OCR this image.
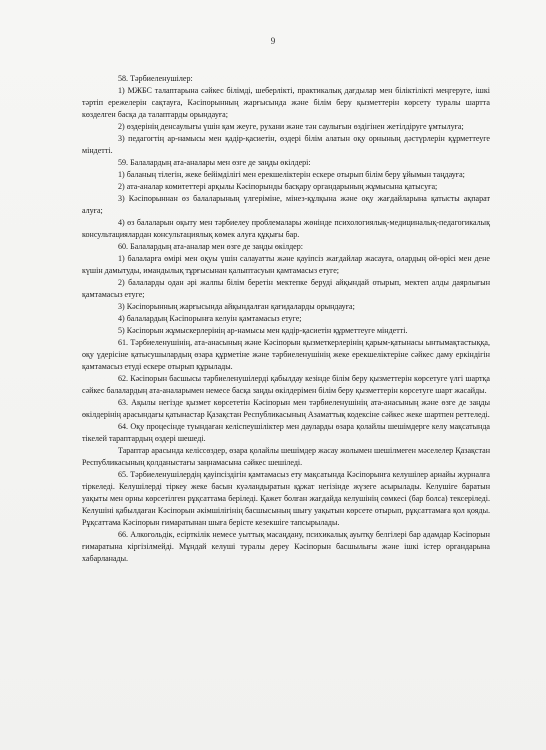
9

58. Тәрбиеленушілер:

1) МЖБС талаптарына сәйкес білімді, шеберлікті, практикалық дағдылар мен біліктілікті меңгеруге, ішкі тәртіп ережелерін сақтауға, Кәсіпорынның жарғысында және білім беру қызметтерін көрсету туралы шартта көзделген басқа да талаптарды орындауға;

2) өздерінің денсаулығы үшін қам жеуге, рухани және тән саулығын өздігінен жетілдіруге ұмтылуға;

3) педагогтің ар-намысы мен қадір-қасиетін, өздері білім алатын оқу орнының дәстүрлерін құрметтеуге міндетті.

59. Балалардың ата-аналары мен өзге де заңды өкілдері:

1) баланың тілегін, жеке бейімділігі мен ерекшеліктерін ескере отырып білім беру ұйымын таңдауға;

2) ата-аналар комитеттері арқылы Кәсіпорынды басқару органдарының жұмысына қатысуға;

3) Кәсіпорыннан өз балаларының үлгерiмiне, мiнез-құлқына және оқу жағдайларына қатысты ақпарат алуға;

4) өз балаларын оқыту мен тәрбиелеу проблемалары жөнінде психологиялық-медициналық-педагогикалық консультациялардан консультациялық көмек алуға құқығы бар.

60. Балалардың ата-аналар мен өзге де заңды өкілдер:

1) балаларға өмiрi мен оқуы үшін салауатты және қауiпсiз жағдайлар жасауға, олардың ой-өрiсi мен дене күшiн дамытуды, имандылық тұрғысынан қалыптасуын қамтамасыз етуге;

2) балаларды одан әрі жалпы білім беретін мектепке беруді айқындай отырып, мектеп алды даярлығын қамтамасыз етуге;

3) Кәсіпорынның жарғысында айқындалған қағидаларды орындауға;

4) балалардың Кәсіпорынға келуін қамтамасыз етуге;

5) Кәсіпорын жұмыскерлерінің ар-намысы мен қадір-қасиетін құрметтеуге міндетті.

61. Тәрбиеленушінің, ата-анасының және Кәсіпорын қызметкерлерінің қарым-қатынасы ынтымақтастыққа, оқу үдерісіне қатысушылардың өзара құрметіне және тәрбиеленушінің жеке ерекшеліктеріне сәйкес даму еркіндігін қамтамасыз етуді ескере отырып құрылады.

62. Кәсіпорын басшысы тәрбиеленушілерді қабылдау кезінде білім беру қызметтерін көрсетуге үлгі шартқа сәйкес балалардың ата-аналарымен немесе басқа заңды өкілдерімен білім беру қызметтерін көрсетуге шарт жасайды.

63. Ақылы негізде қызмет көрсететін Кәсіпорын мен тәрбиеленушінің ата-анасының және өзге де заңды өкілдерінің арасындағы қатынастар Қазақстан Республикасының Азаматтық кодексіне сәйкес жеке шартпен реттеледі.

64. Оқу процесінде туындаған келіспеушіліктер мен дауларды өзара қолайлы шешімдерге келу мақсатында тікелей тараптардың өздері шешеді.

Тараптар арасында келіссөздер, өзара қолайлы шешімдер жасау жолымен шешілмеген мәселелер Қазақстан Республикасының қолданыстағы заңнамасына сәйкес шешіледі.

65. Тәрбиеленушілердің қауіпсіздігін қамтамасыз ету мақсатында Кәсіпорынға келушілер арнайы журналға тіркеледі. Келушілерді тіркеу жеке басын куәландыратын құжат негізінде жүзеге асырылады. Келушіге баратын уақыты мен орны көрсетілген рұқсаттама беріледі. Қажет болған жағдайда келушінің сөмкесі (бар болса) тексеріледі. Келушіні қабылдаған Кәсіпорын әкімшілігінің басшысының шығу уақытын көрсете отырып, рұқсаттамаға қол қояды. Рұқсаттама Кәсіпорын ғимаратынан шыға берісте кезекшіге тапсырылады.

66. Алкогольдік, есірткілік немесе уыттық масаңдану, психикалық ауытқу белгілері бар адамдар Кәсіпорын ғимаратына кіргізілмейді. Мұндай келуші туралы дереу Кәсіпорын басшылығы және ішкі істер органдарына хабарланады.
